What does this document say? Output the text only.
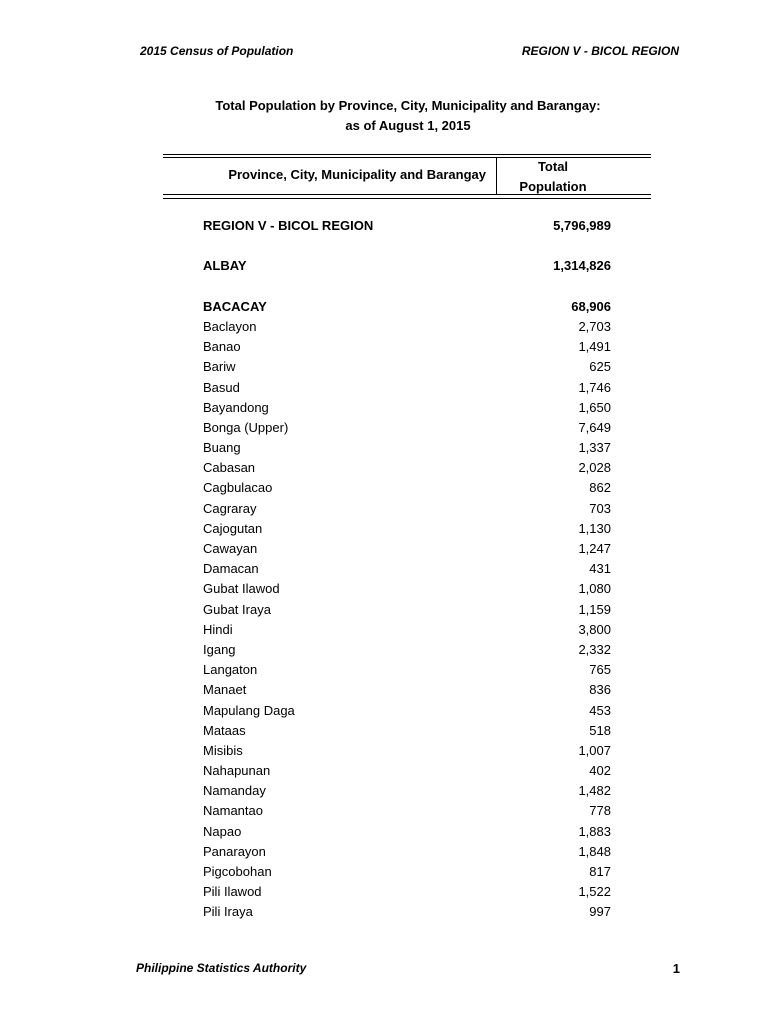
2015 Census of Population	REGION V - BICOL REGION
Total Population by Province, City, Municipality and Barangay:
as of August 1, 2015
Province, City, Municipality and Barangay
Total
Population
REGION V - BICOL REGION	5,796,989
ALBAY	1,314,826
BACACAY	68,906
Baclayon	2,703
Banao	1,491
Bariw	625
Basud	1,746
Bayandong	1,650
Bonga (Upper)	7,649
Buang	1,337
Cabasan	2,028
Cagbulacao	862
Cagraray	703
Cajogutan	1,130
Cawayan	1,247
Damacan	431
Gubat Ilawod	1,080
Gubat Iraya	1,159
Hindi	3,800
Igang	2,332
Langaton	765
Manaet	836
Mapulang Daga	453
Mataas	518
Misibis	1,007
Nahapunan	402
Namanday	1,482
Namantao	778
Napao	1,883
Panarayon	1,848
Pigcobohan	817
Pili Ilawod	1,522
Pili Iraya	997
Philippine Statistics Authority	1
